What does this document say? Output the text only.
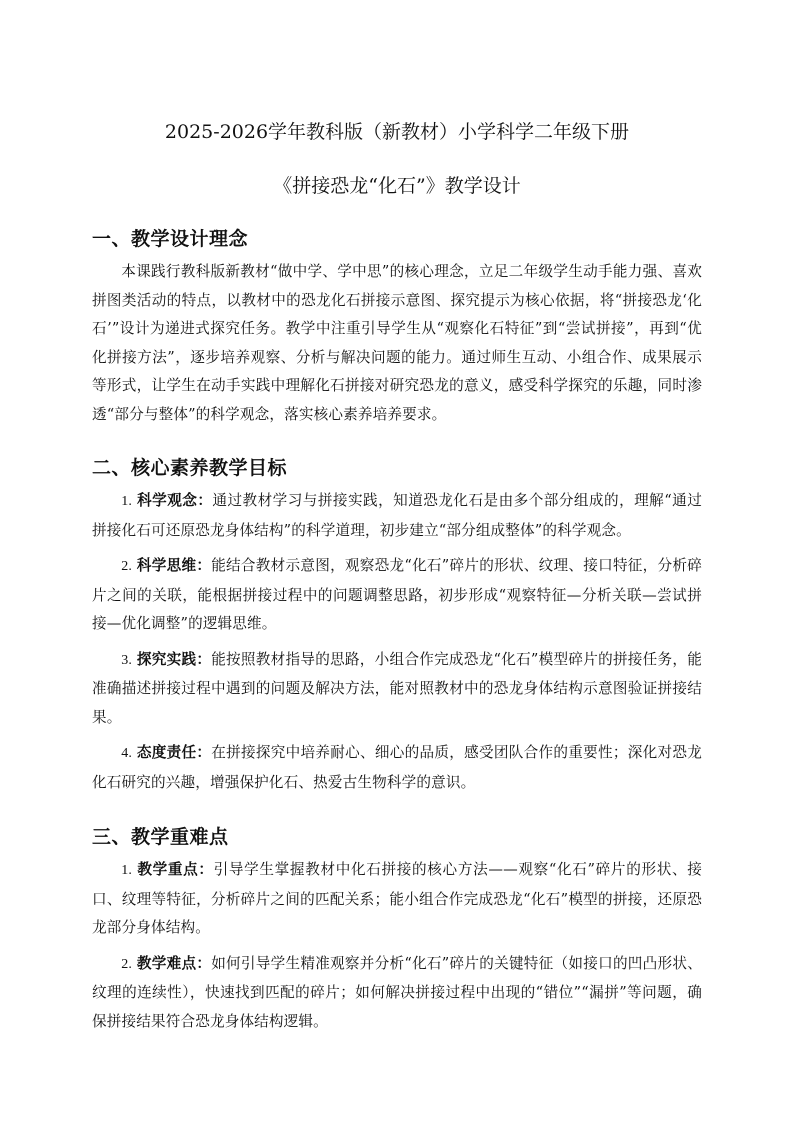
2025-2026学年教科版（新教材）小学科学二年级下册
《拼接恐龙“化石”》教学设计
一、教学设计理念

本课践行教科版新教材“做中学、学中思”的核心理念，立足二年级学生动手能力强、喜欢拼图类活动的特点，以教材中的恐龙化石拼接示意图、探究提示为核心依据，将“拼接恐龙‘化石’”设计为递进式探究任务。教学中注重引导学生从“观察化石特征”到“尝试拼接”，再到“优化拼接方法”，逐步培养观察、分析与解决问题的能力。通过师生互动、小组合作、成果展示等形式，让学生在动手实践中理解化石拼接对研究恐龙的意义，感受科学探究的乐趣，同时渗透“部分与整体”的科学观念，落实核心素养培养要求。

二、核心素养教学目标

1. 科学观念：通过教材学习与拼接实践，知道恐龙化石是由多个部分组成的，理解“通过拼接化石可还原恐龙身体结构”的科学道理，初步建立“部分组成整体”的科学观念。

2. 科学思维：能结合教材示意图，观察恐龙“化石”碎片的形状、纹理、接口特征，分析碎片之间的关联，能根据拼接过程中的问题调整思路，初步形成“观察特征—分析关联—尝试拼接—优化调整”的逻辑思维。

3. 探究实践：能按照教材指导的思路，小组合作完成恐龙“化石”模型碎片的拼接任务，能准确描述拼接过程中遇到的问题及解决方法，能对照教材中的恐龙身体结构示意图验证拼接结果。

4. 态度责任：在拼接探究中培养耐心、细心的品质，感受团队合作的重要性；深化对恐龙化石研究的兴趣，增强保护化石、热爱古生物科学的意识。

三、教学重难点

1. 教学重点：引导学生掌握教材中化石拼接的核心方法——观察“化石”碎片的形状、接口、纹理等特征，分析碎片之间的匹配关系；能小组合作完成恐龙“化石”模型的拼接，还原恐龙部分身体结构。

2. 教学难点：如何引导学生精准观察并分析“化石”碎片的关键特征（如接口的凹凸形状、纹理的连续性），快速找到匹配的碎片；如何解决拼接过程中出现的“错位”“漏拼”等问题，确保拼接结果符合恐龙身体结构逻辑。
